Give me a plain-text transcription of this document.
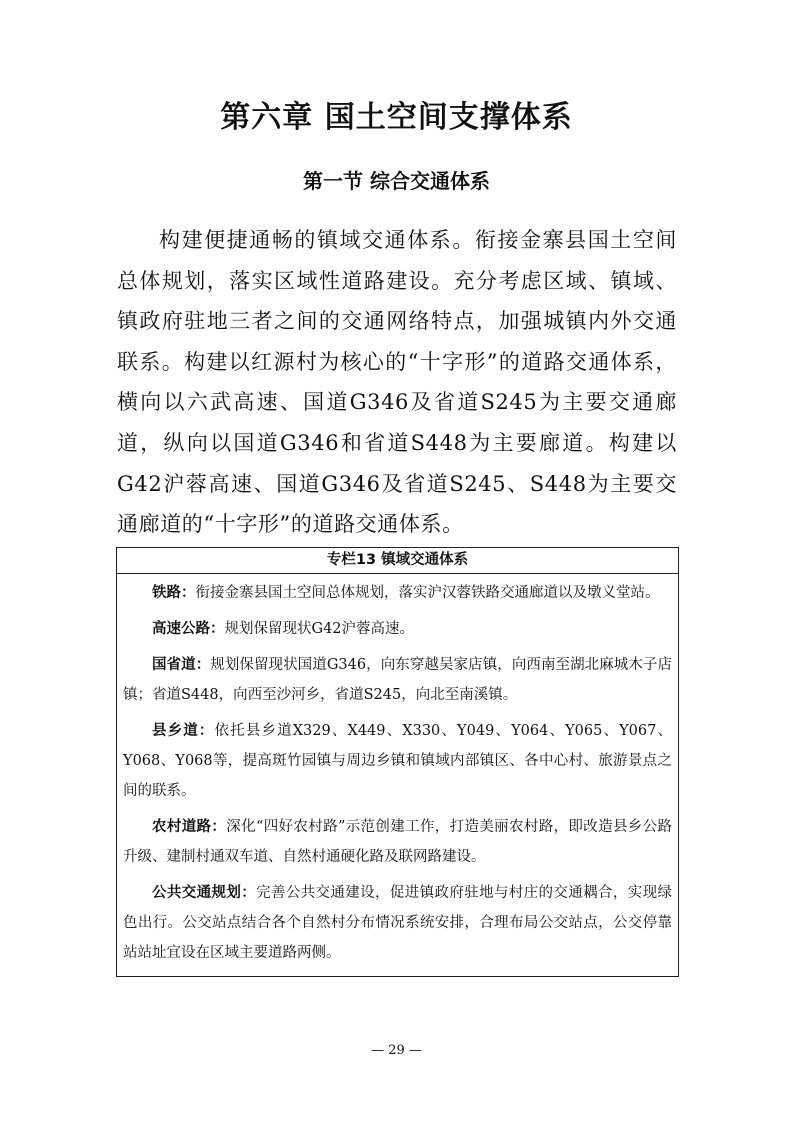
第六章 国土空间支撑体系
第一节 综合交通体系

构建便捷通畅的镇域交通体系。衔接金寨县国土空间总体规划，落实区域性道路建设。充分考虑区域、镇域、镇政府驻地三者之间的交通网络特点，加强城镇内外交通联系。构建以红源村为核心的“十字形”的道路交通体系，横向以六武高速、国道G346及省道S245为主要交通廊道，纵向以国道G346和省道S448为主要廊道。构建以G42沪蓉高速、国道G346及省道S245、S448为主要交通廊道的“十字形”的道路交通体系。

专栏13 镇域交通体系

铁路：衔接金寨县国土空间总体规划，落实沪汉蓉铁路交通廊道以及墩义堂站。

高速公路：规划保留现状G42沪蓉高速。

国省道：规划保留现状国道G346，向东穿越吴家店镇，向西南至湖北麻城木子店镇；省道S448，向西至沙河乡，省道S245，向北至南溪镇。

县乡道：依托县乡道X329、X449、X330、Y049、Y064、Y065、Y067、Y068、Y068等，提高斑竹园镇与周边乡镇和镇域内部镇区、各中心村、旅游景点之间的联系。

农村道路：深化“四好农村路”示范创建工作，打造美丽农村路，即改造县乡公路升级、建制村通双车道、自然村通硬化路及联网路建设。

公共交通规划：完善公共交通建设，促进镇政府驻地与村庄的交通耦合，实现绿色出行。公交站点结合各个自然村分布情况系统安排，合理布局公交站点，公交停靠站站址宜设在区域主要道路两侧。

— 29 —
